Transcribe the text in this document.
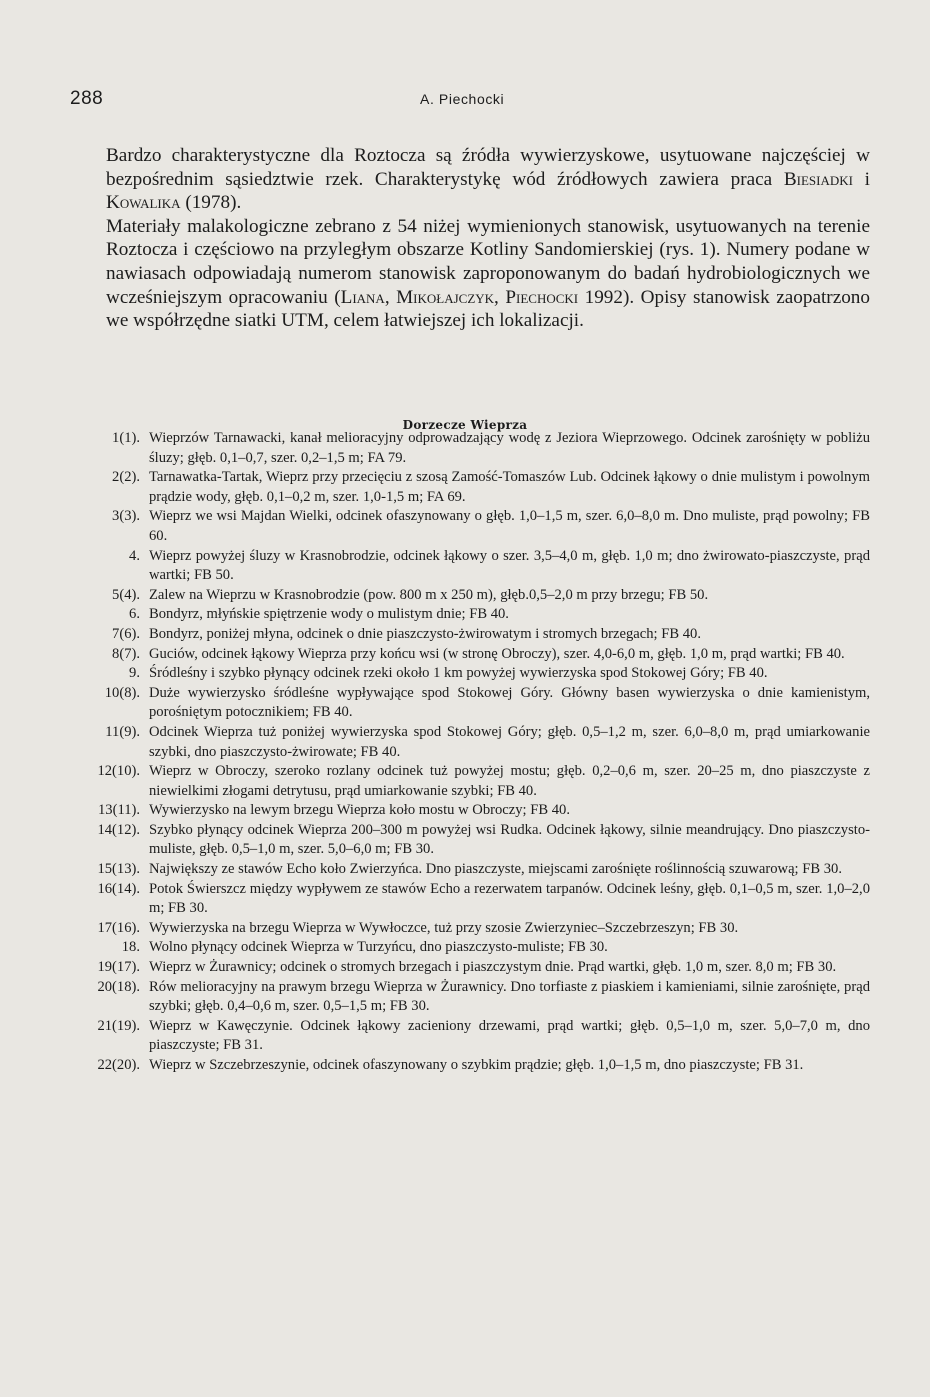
288	A. Piechocki

Bardzo charakterystyczne dla Roztocza są źródła wywierzyskowe, usytuowane najczęściej w bezpośrednim sąsiedztwie rzek. Charakterystykę wód źródłowych zawiera praca Biesiadki i Kowalika (1978).

Materiały malakologiczne zebrano z 54 niżej wymienionych stanowisk, usytuowanych na terenie Roztocza i częściowo na przyległym obszarze Kotliny Sandomierskiej (rys. 1). Numery podane w nawiasach odpowiadają numerom stanowisk zaproponowanym do badań hydrobiologicznych we wcześniejszym opracowaniu (Liana, Mikołajczyk, Piechocki 1992). Opisy stanowisk zaopatrzono we współrzędne siatki UTM, celem łatwiejszej ich lokalizacji.

Dorzecze Wieprza
1(1). Wieprzów Tarnawacki, kanał melioracyjny odprowadzający wodę z Jeziora Wieprzowego. Odcinek zarośnięty w pobliżu śluzy; głęb. 0,1–0,7, szer. 0,2–1,5 m; FA 79.
2(2). Tarnawatka-Tartak, Wieprz przy przecięciu z szosą Zamość-Tomaszów Lub. Odcinek łąkowy o dnie mulistym i powolnym prądzie wody, głęb. 0,1–0,2 m, szer. 1,0-1,5 m; FA 69.
3(3). Wieprz we wsi Majdan Wielki, odcinek ofaszynowany o głęb. 1,0–1,5 m, szer. 6,0–8,0 m. Dno muliste, prąd powolny; FB 60.
4. Wieprz powyżej śluzy w Krasnobrodzie, odcinek łąkowy o szer. 3,5–4,0 m, głęb. 1,0 m; dno żwirowato-piaszczyste, prąd wartki; FB 50.
5(4). Zalew na Wieprzu w Krasnobrodzie (pow. 800 m x 250 m), głęb.0,5–2,0 m przy brzegu; FB 50.
6. Bondyrz, młyńskie spiętrzenie wody o mulistym dnie; FB 40.
7(6). Bondyrz, poniżej młyna, odcinek o dnie piaszczysto-żwirowatym i stromych brzegach; FB 40.
8(7). Guciów, odcinek łąkowy Wieprza przy końcu wsi (w stronę Obroczy), szer. 4,0-6,0 m, głęb. 1,0 m, prąd wartki; FB 40.
9. Śródleśny i szybko płynący odcinek rzeki około 1 km powyżej wywierzyska spod Stokowej Góry; FB 40.
10(8). Duże wywierzysko śródleśne wypływające spod Stokowej Góry. Główny basen wywierzyska o dnie kamienistym, porośniętym potocznikiem; FB 40.
11(9). Odcinek Wieprza tuż poniżej wywierzyska spod Stokowej Góry; głęb. 0,5–1,2 m, szer. 6,0–8,0 m, prąd umiarkowanie szybki, dno piaszczysto-żwirowate; FB 40.
12(10). Wieprz w Obroczy, szeroko rozlany odcinek tuż powyżej mostu; głęb. 0,2–0,6 m, szer. 20–25 m, dno piaszczyste z niewielkimi złogami detrytusu, prąd umiarkowanie szybki; FB 40.
13(11). Wywierzysko na lewym brzegu Wieprza koło mostu w Obroczy; FB 40.
14(12). Szybko płynący odcinek Wieprza 200–300 m powyżej wsi Rudka. Odcinek łąkowy, silnie meandrujący. Dno piaszczysto-muliste, głęb. 0,5–1,0 m, szer. 5,0–6,0 m; FB 30.
15(13). Największy ze stawów Echo koło Zwierzyńca. Dno piaszczyste, miejscami zarośnięte roślinnością szuwarową; FB 30.
16(14). Potok Świerszcz między wypływem ze stawów Echo a rezerwatem tarpanów. Odcinek leśny, głęb. 0,1–0,5 m, szer. 1,0–2,0 m; FB 30.
17(16). Wywierzyska na brzegu Wieprza w Wywłoczce, tuż przy szosie Zwierzyniec–Szczebrzeszyn; FB 30.
18. Wolno płynący odcinek Wieprza w Turzyńcu, dno piaszczysto-muliste; FB 30.
19(17). Wieprz w Żurawnicy; odcinek o stromych brzegach i piaszczystym dnie. Prąd wartki, głęb. 1,0 m, szer. 8,0 m; FB 30.
20(18). Rów melioracyjny na prawym brzegu Wieprza w Żurawnicy. Dno torfiaste z piaskiem i kamieniami, silnie zarośnięte, prąd szybki; głęb. 0,4–0,6 m, szer. 0,5–1,5 m; FB 30.
21(19). Wieprz w Kawęczynie. Odcinek łąkowy zacieniony drzewami, prąd wartki; głęb. 0,5–1,0 m, szer. 5,0–7,0 m, dno piaszczyste; FB 31.
22(20). Wieprz w Szczebrzeszynie, odcinek ofaszynowany o szybkim prądzie; głęb. 1,0–1,5 m, dno piaszczyste; FB 31.
